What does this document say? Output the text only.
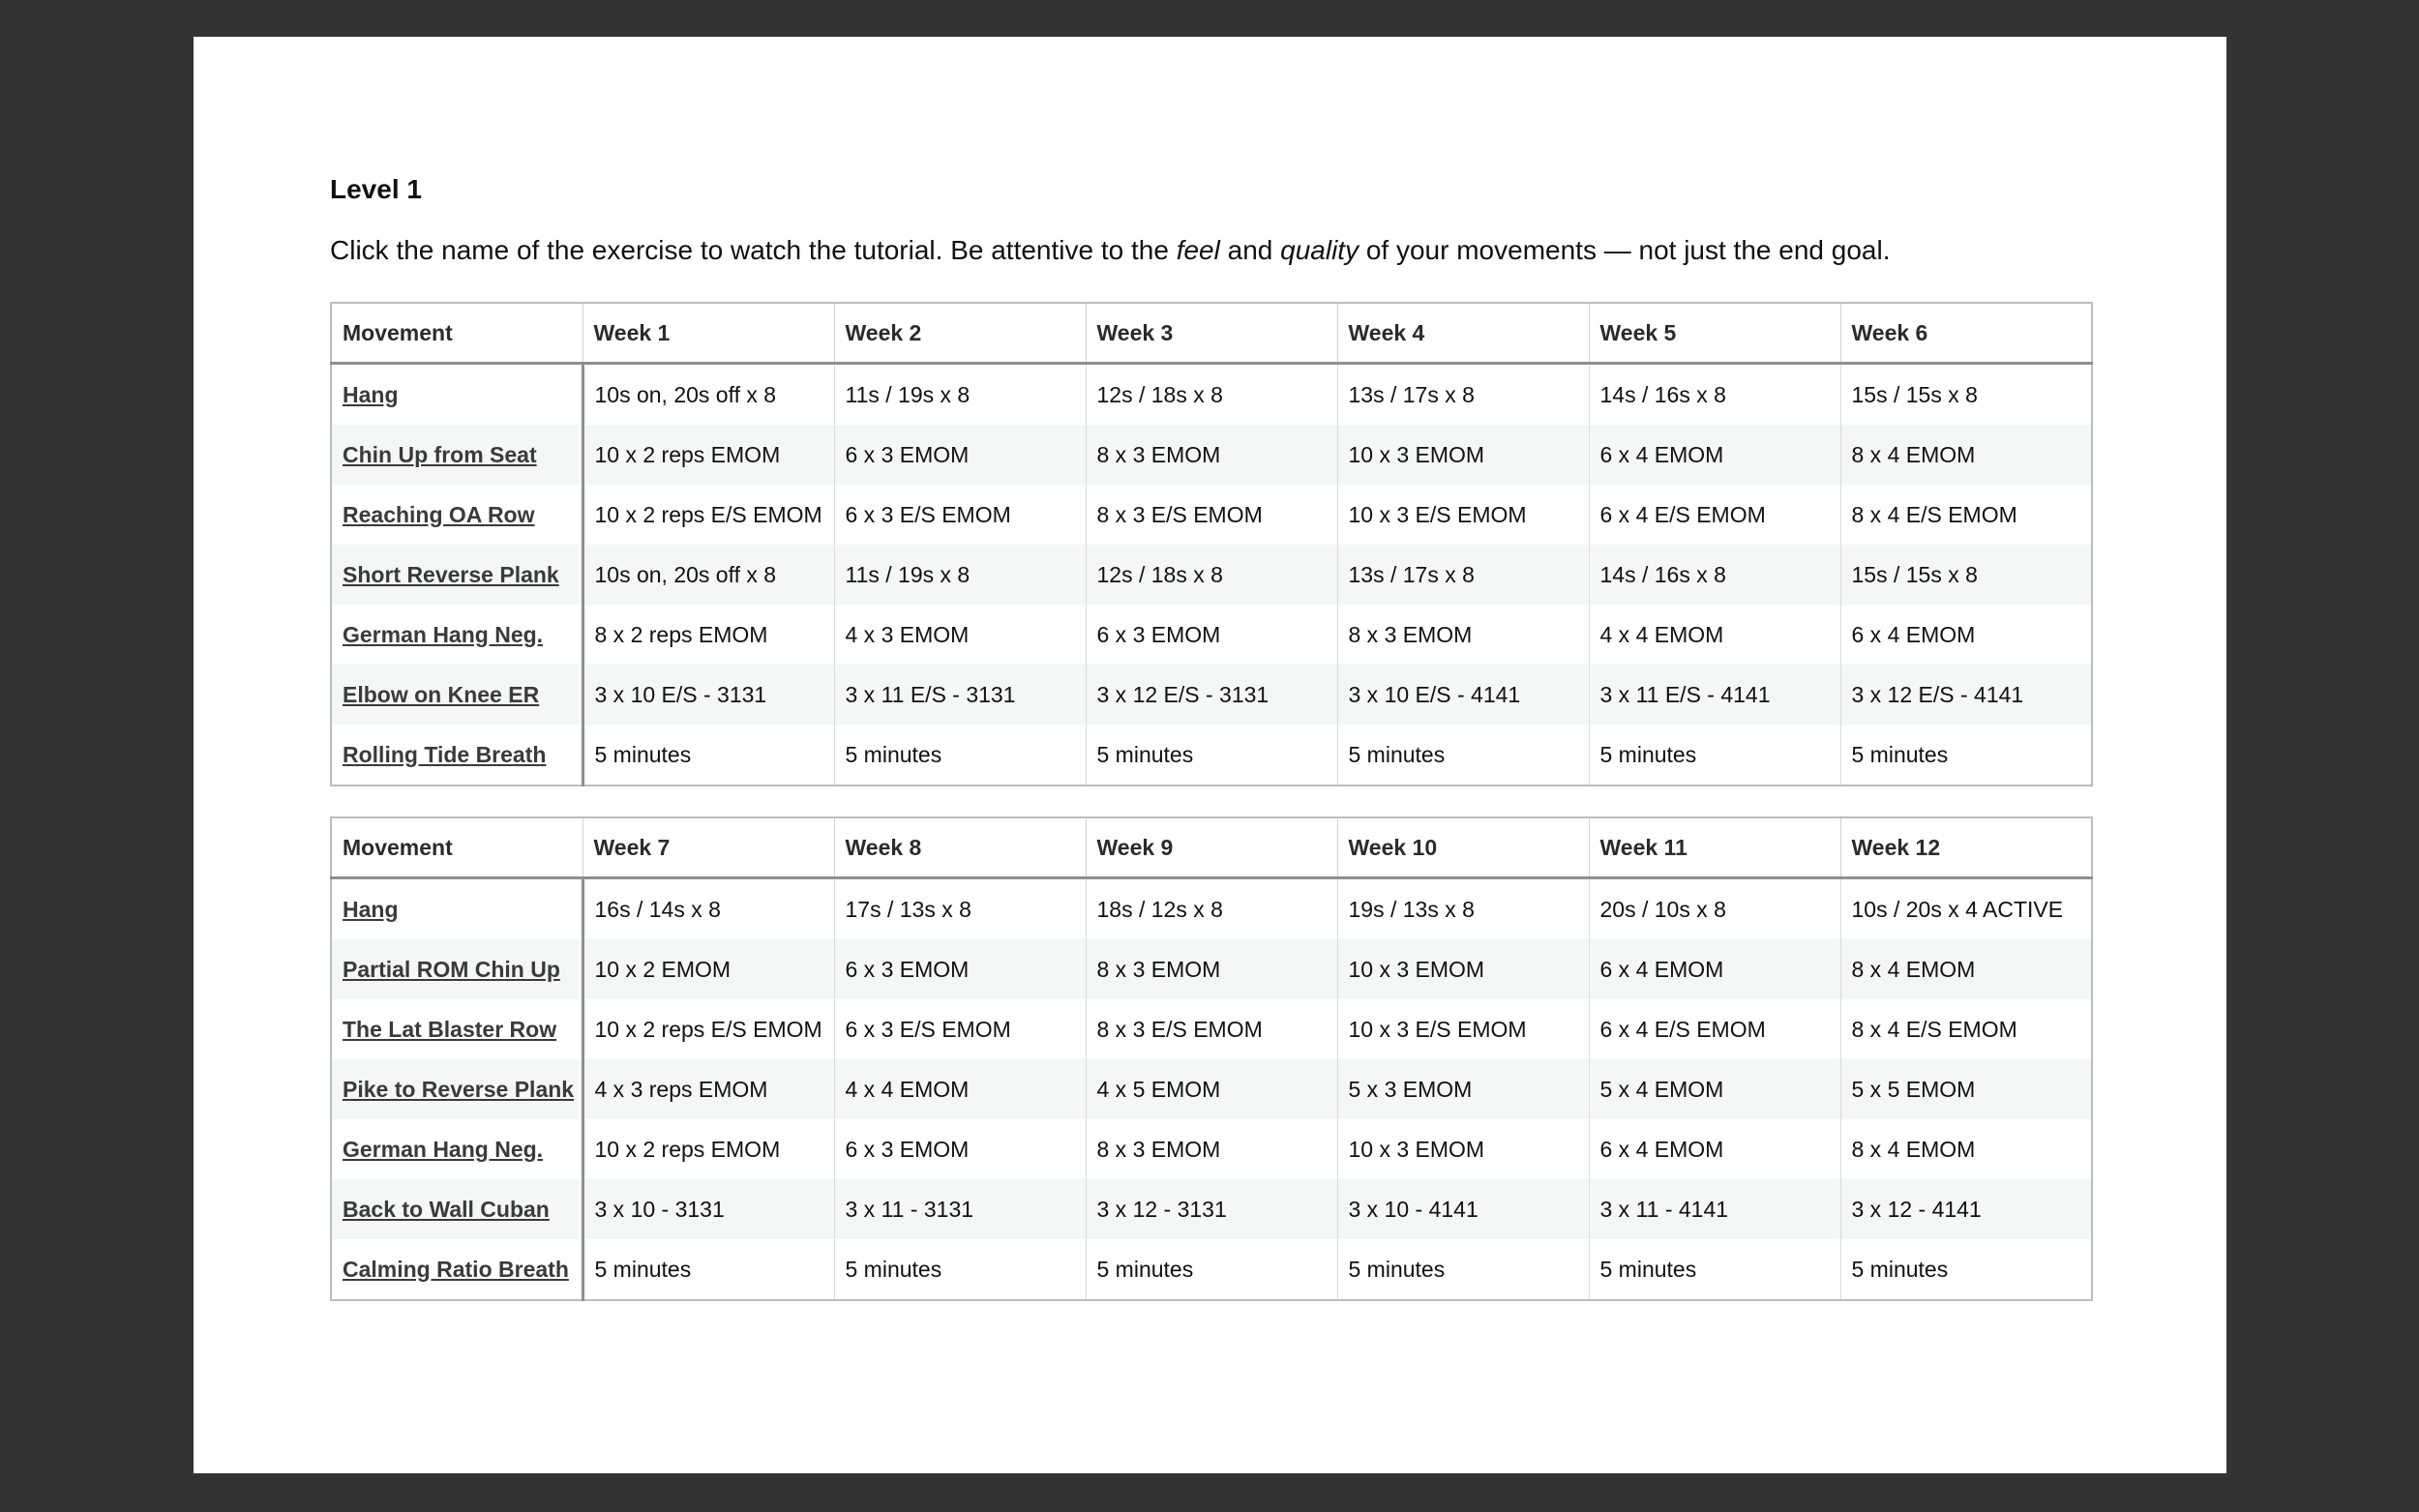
Level 1

Click the name of the exercise to watch the tutorial. Be attentive to the feel and quality of your movements — not just the end goal.

Movement	Week 1	Week 2	Week 3	Week 4	Week 5	Week 6
Hang	10s on, 20s off x 8	11s / 19s x 8	12s / 18s x 8	13s / 17s x 8	14s / 16s x 8	15s / 15s x 8
Chin Up from Seat	10 x 2 reps EMOM	6 x 3 EMOM	8 x 3 EMOM	10 x 3 EMOM	6 x 4 EMOM	8 x 4 EMOM
Reaching OA Row	10 x 2 reps E/S EMOM	6 x 3 E/S EMOM	8 x 3 E/S EMOM	10 x 3 E/S EMOM	6 x 4 E/S EMOM	8 x 4 E/S EMOM
Short Reverse Plank	10s on, 20s off x 8	11s / 19s x 8	12s / 18s x 8	13s / 17s x 8	14s / 16s x 8	15s / 15s x 8
German Hang Neg.	8 x 2 reps EMOM	4 x 3 EMOM	6 x 3 EMOM	8 x 3 EMOM	4 x 4 EMOM	6 x 4 EMOM
Elbow on Knee ER	3 x 10 E/S - 3131	3 x 11 E/S - 3131	3 x 12 E/S - 3131	3 x 10 E/S - 4141	3 x 11 E/S - 4141	3 x 12 E/S - 4141
Rolling Tide Breath	5 minutes	5 minutes	5 minutes	5 minutes	5 minutes	5 minutes
Movement	Week 7	Week 8	Week 9	Week 10	Week 11	Week 12
Hang	16s / 14s x 8	17s / 13s x 8	18s / 12s x 8	19s / 13s x 8	20s / 10s x 8	10s / 20s x 4 ACTIVE
Partial ROM Chin Up	10 x 2 EMOM	6 x 3 EMOM	8 x 3 EMOM	10 x 3 EMOM	6 x 4 EMOM	8 x 4 EMOM
The Lat Blaster Row	10 x 2 reps E/S EMOM	6 x 3 E/S EMOM	8 x 3 E/S EMOM	10 x 3 E/S EMOM	6 x 4 E/S EMOM	8 x 4 E/S EMOM
Pike to Reverse Plank	4 x 3 reps EMOM	4 x 4 EMOM	4 x 5 EMOM	5 x 3 EMOM	5 x 4 EMOM	5 x 5 EMOM
German Hang Neg.	10 x 2 reps EMOM	6 x 3 EMOM	8 x 3 EMOM	10 x 3 EMOM	6 x 4 EMOM	8 x 4 EMOM
Back to Wall Cuban	3 x 10 - 3131	3 x 11 - 3131	3 x 12 - 3131	3 x 10 - 4141	3 x 11 - 4141	3 x 12 - 4141
Calming Ratio Breath	5 minutes	5 minutes	5 minutes	5 minutes	5 minutes	5 minutes
